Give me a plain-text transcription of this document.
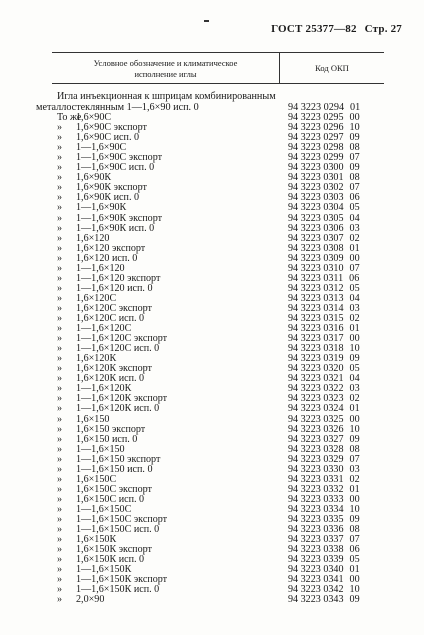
ГОСТ 25377—82 Стр. 27
Условное обозначение и климатическое
исполнение иглы
Код ОКП
Игла инъекционная к шприцам комбинированным
металлостеклянным 1—1,6×90 исп. 0	94 3223 0294 01
То же
1,6×90С	94 3223 0295 00
» 1,6×90С экспорт	94 3223 0296 10
» 1,6×90С исп. 0	94 3223 0297 09
» 1—1,6×90С	94 3223 0298 08
» 1—1,6×90С экспорт	94 3223 0299 07
» 1—1,6×90С исп. 0	94 3223 0300 09
» 1,6×90К	94 3223 0301 08
» 1,6×90К экспорт	94 3223 0302 07
» 1,6×90К исп. 0	94 3223 0303 06
» 1—1,6×90К	94 3223 0304 05
» 1—1,6×90К экспорт	94 3223 0305 04
» 1—1,6×90К исп. 0	94 3223 0306 03
» 1,6×120	94 3223 0307 02
» 1,6×120 экспорт	94 3223 0308 01
» 1,6×120 исп. 0	94 3223 0309 00
» 1—1,6×120	94 3223 0310 07
» 1—1,6×120 экспорт	94 3223 0311 06
» 1—1,6×120 исп. 0	94 3223 0312 05
» 1,6×120С	94 3223 0313 04
» 1,6×120С экспорт	94 3223 0314 03
» 1,6×120С исп. 0	94 3223 0315 02
» 1—1,6×120С	94 3223 0316 01
» 1—1,6×120С экспорт	94 3223 0317 00
» 1—1,6×120С исп. 0	94 3223 0318 10
» 1,6×120К	94 3223 0319 09
» 1,6×120К экспорт	94 3223 0320 05
» 1,6×120К исп. 0	94 3223 0321 04
» 1—1,6×120К	94 3223 0322 03
» 1—1,6×120К экспорт	94 3223 0323 02
» 1—1,6×120К исп. 0	94 3223 0324 01
» 1,6×150	94 3223 0325 00
» 1,6×150 экспорт	94 3223 0326 10
» 1,6×150 исп. 0	94 3223 0327 09
» 1—1,6×150	94 3223 0328 08
» 1—1,6×150 экспорт	94 3223 0329 07
» 1—1,6×150 исп. 0	94 3223 0330 03
» 1,6×150С	94 3223 0331 02
» 1,6×150С экспорт	94 3223 0332 01
» 1,6×150С исп. 0	94 3223 0333 00
» 1—1,6×150С	94 3223 0334 10
» 1—1,6×150С экспорт	94 3223 0335 09
» 1—1,6×150С исп. 0	94 3223 0336 08
» 1,6×150К	94 3223 0337 07
» 1,6×150К экспорт	94 3223 0338 06
» 1,6×150К исп. 0	94 3223 0339 05
» 1—1,6×150К	94 3223 0340 01
» 1—1,6×150К экспорт	94 3223 0341 00
» 1—1,6×150К исп. 0	94 3223 0342 10
» 2,0×90	94 3223 0343 09
